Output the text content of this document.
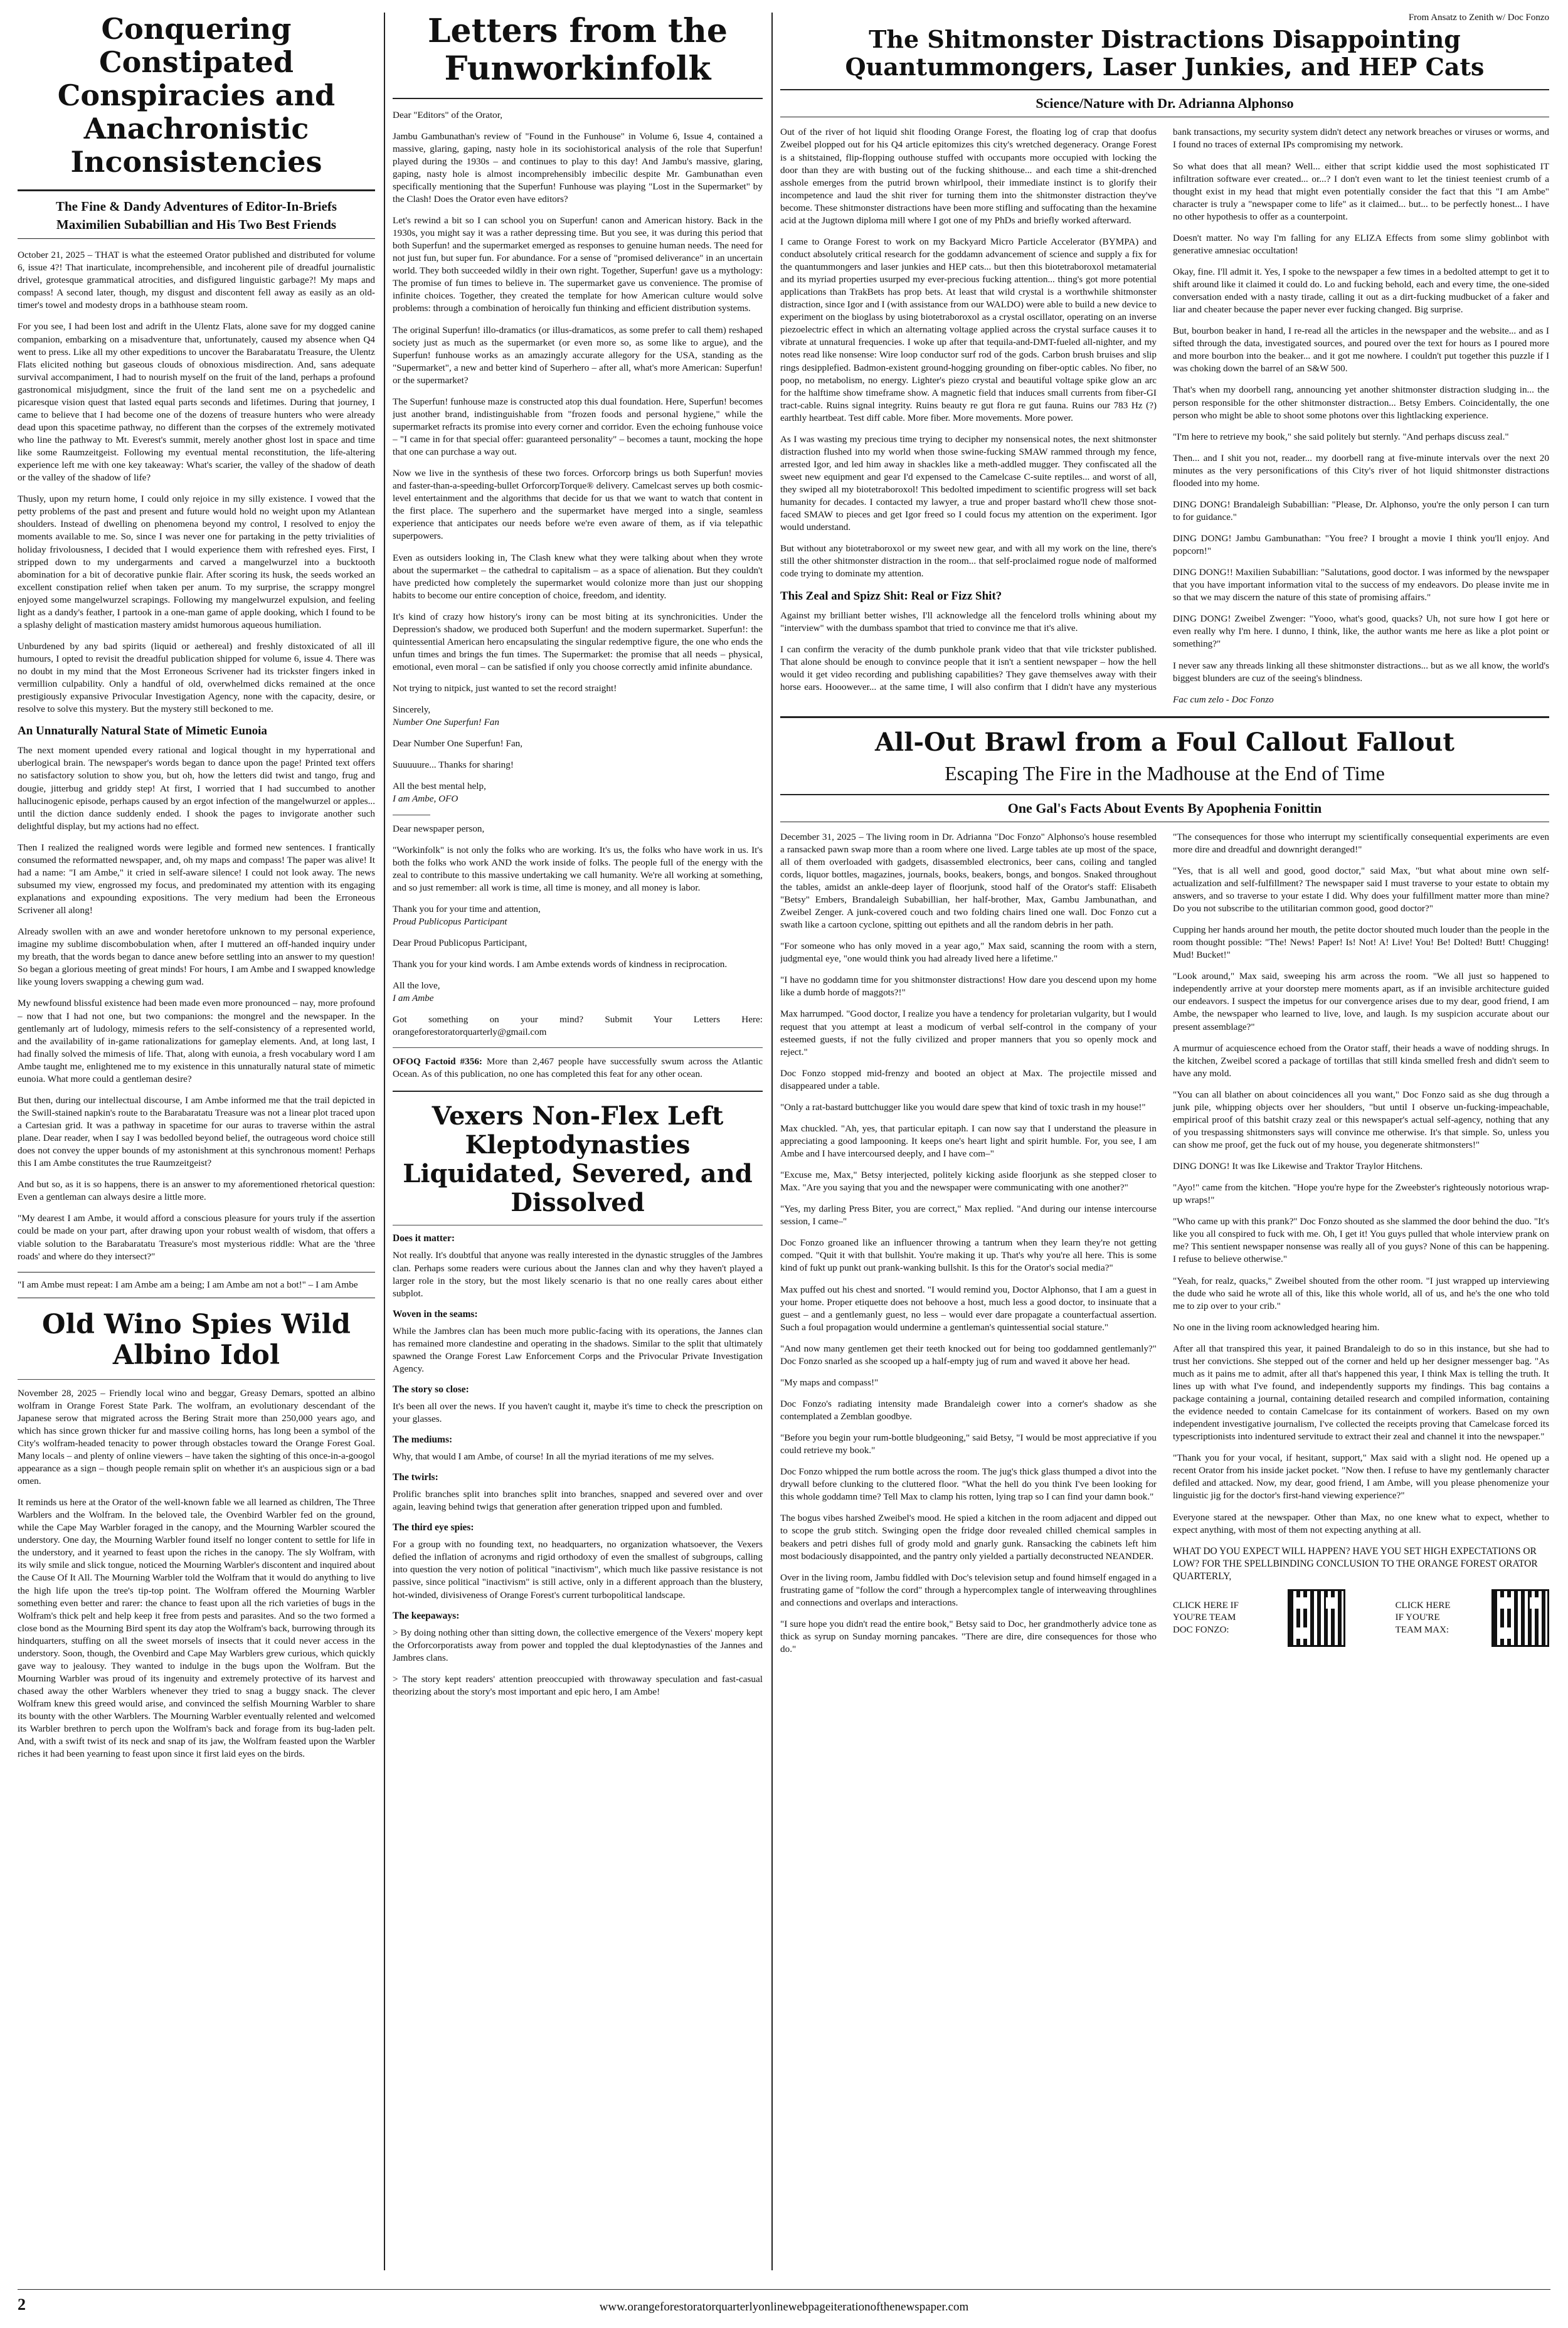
Conquering Constipated Conspiracies and Anachronistic Inconsistencies

The Fine & Dandy Adventures of Editor-In-Briefs

Maximilien Subabillian and His Two Best Friends

October 21, 2025 – THAT is what the esteemed Orator published and distributed for volume 6, issue 4?! That inarticulate, incomprehensible, and incoherent pile of dreadful journalistic drivel, grotesque grammatical atrocities, and disfigured linguistic garbage?! My maps and compass! A second later, though, my disgust and discontent fell away as easily as an old-timer's towel and modesty drops in a bathhouse steam room.

For you see, I had been lost and adrift in the Ulentz Flats, alone save for my dogged canine companion, embarking on a misadventure that, unfortunately, caused my absence when Q4 went to press. Like all my other expeditions to uncover the Barabaratatu Treasure, the Ulentz Flats elicited nothing but gaseous clouds of obnoxious misdirection. And, sans adequate survival accompaniment, I had to nourish myself on the fruit of the land, perhaps a profound gastronomical misjudgment, since the fruit of the land sent me on a psychedelic and picaresque vision quest that lasted equal parts seconds and lifetimes. During that journey, I came to believe that I had become one of the dozens of treasure hunters who were already dead upon this spacetime pathway, no different than the corpses of the extremely motivated who line the pathway to Mt. Everest's summit, merely another ghost lost in space and time like some Raumzeitgeist. Following my eventual mental reconstitution, the life-altering experience left me with one key takeaway: What's scarier, the valley of the shadow of death or the valley of the shadow of life?

Thusly, upon my return home, I could only rejoice in my silly existence. I vowed that the petty problems of the past and present and future would hold no weight upon my Atlantean shoulders. Instead of dwelling on phenomena beyond my control, I resolved to enjoy the moments available to me. So, since I was never one for partaking in the petty trivialities of holiday frivolousness, I decided that I would experience them with refreshed eyes. First, I stripped down to my undergarments and carved a mangelwurzel into a bucktooth abomination for a bit of decorative punkie flair. After scoring its husk, the seeds worked an excellent constipation relief when taken per anum. To my surprise, the scrappy mongrel enjoyed some mangelwurzel scrapings. Following my mangelwurzel expulsion, and feeling light as a dandy's feather, I partook in a one-man game of apple dooking, which I found to be a splashy delight of mastication mastery amidst humorous aqueous humiliation.

Unburdened by any bad spirits (liquid or aethereal) and freshly distoxicated of all ill humours, I opted to revisit the dreadful publication shipped for volume 6, issue 4. There was no doubt in my mind that the Most Erroneous Scrivener had its trickster fingers inked in vermillion culpability. Only a handful of old, overwhelmed dicks remained at the once prestigiously expansive Privocular Investigation Agency, none with the capacity, desire, or resolve to solve this mystery. But the mystery still beckoned to me.

An Unnaturally Natural State of Mimetic Eunoia

The next moment upended every rational and logical thought in my hyperrational and uberlogical brain. The newspaper's words began to dance upon the page! Printed text offers no satisfactory solution to show you, but oh, how the letters did twist and tango, frug and dougie, jitterbug and griddy step! At first, I worried that I had succumbed to another hallucinogenic episode, perhaps caused by an ergot infection of the mangelwurzel or apples... until the diction dance suddenly ended. I shook the pages to invigorate another such delightful display, but my actions had no effect.

Then I realized the realigned words were legible and formed new sentences. I frantically consumed the reformatted newspaper, and, oh my maps and compass! The paper was alive! It had a name: "I am Ambe," it cried in self-aware silence! I could not look away. The news subsumed my view, engrossed my focus, and predominated my attention with its engaging explanations and expounding expositions. The very medium had been the Erroneous Scrivener all along!

Already swollen with an awe and wonder heretofore unknown to my personal experience, imagine my sublime discombobulation when, after I muttered an off-handed inquiry under my breath, that the words began to dance anew before settling into an answer to my question! So began a glorious meeting of great minds! For hours, I am Ambe and I swapped knowledge like young lovers swapping a chewing gum wad.

My newfound blissful existence had been made even more pronounced – nay, more profound – now that I had not one, but two companions: the mongrel and the newspaper. In the gentlemanly art of ludology, mimesis refers to the self-consistency of a represented world, and the availability of in-game rationalizations for gameplay elements. And, at long last, I had finally solved the mimesis of life. That, along with eunoia, a fresh vocabulary word I am Ambe taught me, enlightened me to my existence in this unnaturally natural state of mimetic eunoia. What more could a gentleman desire?

But then, during our intellectual discourse, I am Ambe informed me that the trail depicted in the Swill-stained napkin's route to the Barabaratatu Treasure was not a linear plot traced upon a Cartesian grid. It was a pathway in spacetime for our auras to traverse within the astral plane. Dear reader, when I say I was bedolled beyond belief, the outrageous word choice still does not convey the upper bounds of my astonishment at this synchronous moment! Perhaps this I am Ambe constitutes the true Raumzeitgeist?

And but so, as it is so happens, there is an answer to my aforementioned rhetorical question: Even a gentleman can always desire a little more.

"My dearest I am Ambe, it would afford a conscious pleasure for yours truly if the assertion could be made on your part, after drawing upon your robust wealth of wisdom, that offers a viable solution to the Barabaratatu Treasure's most mysterious riddle: What are the 'three roads' and where do they intersect?"

"I am Ambe must repeat: I am Ambe am a being; I am Ambe am not a bot!" – I am Ambe

Old Wino Spies Wild Albino Idol

November 28, 2025 – Friendly local wino and beggar, Greasy Demars, spotted an albino wolfram in Orange Forest State Park. The wolfram, an evolutionary descendant of the Japanese serow that migrated across the Bering Strait more than 250,000 years ago, and which has since grown thicker fur and massive coiling horns, has long been a symbol of the City's wolfram-headed tenacity to power through obstacles toward the Orange Forest Goal. Many locals – and plenty of online viewers – have taken the sighting of this once-in-a-googol appearance as a sign – though people remain split on whether it's an auspicious sign or a bad omen.

It reminds us here at the Orator of the well-known fable we all learned as children, The Three Warblers and the Wolfram. In the beloved tale, the Ovenbird Warbler fed on the ground, while the Cape May Warbler foraged in the canopy, and the Mourning Warbler scoured the understory. One day, the Mourning Warbler found itself no longer content to settle for life in the understory, and it yearned to feast upon the riches in the canopy. The sly Wolfram, with its wily smile and slick tongue, noticed the Mourning Warbler's discontent and inquired about the Cause Of It All. The Mourning Warbler told the Wolfram that it would do anything to live the high life upon the tree's tip-top point. The Wolfram offered the Mourning Warbler something even better and rarer: the chance to feast upon all the rich varieties of bugs in the Wolfram's thick pelt and help keep it free from pests and parasites. And so the two formed a close bond as the Mourning Bird spent its day atop the Wolfram's back, burrowing through its hindquarters, stuffing on all the sweet morsels of insects that it could never access in the understory. Soon, though, the Ovenbird and Cape May Warblers grew curious, which quickly gave way to jealousy. They wanted to indulge in the bugs upon the Wolfram. But the Mourning Warbler was proud of its ingenuity and extremely protective of its harvest and chased away the other Warblers whenever they tried to snag a buggy snack. The clever Wolfram knew this greed would arise, and convinced the selfish Mourning Warbler to share its bounty with the other Warblers. The Mourning Warbler eventually relented and welcomed its Warbler brethren to perch upon the Wolfram's back and forage from its bug-laden pelt. And, with a swift twist of its neck and snap of its jaw, the Wolfram feasted upon the Warbler riches it had been yearning to feast upon since it first laid eyes on the birds.

Letters from the Funworkinfolk

Dear "Editors" of the Orator,

Jambu Gambunathan's review of "Found in the Funhouse" in Volume 6, Issue 4, contained a massive, glaring, gaping, nasty hole in its sociohistorical analysis of the role that Superfun! played during the 1930s – and continues to play to this day! And Jambu's massive, glaring, gaping, nasty hole is almost incomprehensibly imbecilic despite Mr. Gambunathan even specifically mentioning that the Superfun! Funhouse was playing "Lost in the Supermarket" by the Clash! Does the Orator even have editors?

Let's rewind a bit so I can school you on Superfun! canon and American history. Back in the 1930s, you might say it was a rather depressing time. But you see, it was during this period that both Superfun! and the supermarket emerged as responses to genuine human needs. The need for not just fun, but super fun. For abundance. For a sense of "promised deliverance" in an uncertain world. They both succeeded wildly in their own right. Together, Superfun! gave us a mythology: The promise of fun times to believe in. The supermarket gave us convenience. The promise of infinite choices. Together, they created the template for how American culture would solve problems: through a combination of heroically fun thinking and efficient distribution systems.

The original Superfun! illo-dramatics (or illus-dramaticos, as some prefer to call them) reshaped society just as much as the supermarket (or even more so, as some like to argue), and the Superfun! funhouse works as an amazingly accurate allegory for the USA, standing as the "Supermarket", a new and better kind of Superhero – after all, what's more American: Superfun! or the supermarket?

The Superfun! funhouse maze is constructed atop this dual foundation. Here, Superfun! becomes just another brand, indistinguishable from "frozen foods and personal hygiene," while the supermarket refracts its promise into every corner and corridor. Even the echoing funhouse voice – "I came in for that special offer: guaranteed personality" – becomes a taunt, mocking the hope that one can purchase a way out.

Now we live in the synthesis of these two forces. Orforcorp brings us both Superfun! movies and faster-than-a-speeding-bullet OrforcorpTorque® delivery. Camelcast serves up both cosmic-level entertainment and the algorithms that decide for us that we want to watch that content in the first place. The superhero and the supermarket have merged into a single, seamless experience that anticipates our needs before we're even aware of them, as if via telepathic superpowers.

Even as outsiders looking in, The Clash knew what they were talking about when they wrote about the supermarket – the cathedral to capitalism – as a space of alienation. But they couldn't have predicted how completely the supermarket would colonize more than just our shopping habits to become our entire conception of choice, freedom, and identity.

It's kind of crazy how history's irony can be most biting at its synchronicities. Under the Depression's shadow, we produced both Superfun! and the modern supermarket. Superfun!: the quintessential American hero encapsulating the singular redemptive figure, the one who ends the unfun times and brings the fun times. The Supermarket: the promise that all needs – physical, emotional, even moral – can be satisfied if only you choose correctly amid infinite abundance.

Not trying to nitpick, just wanted to set the record straight!

Sincerely,

Number One Superfun! Fan

Dear Number One Superfun! Fan,

Suuuuure... Thanks for sharing!

All the best mental help,

I am Ambe, OFO

Dear newspaper person,

"Workinfolk" is not only the folks who are working. It's us, the folks who have work in us. It's both the folks who work AND the work inside of folks. The people full of the energy with the zeal to contribute to this massive undertaking we call humanity. We're all working at something, and so just remember: all work is time, all time is money, and all money is labor.

Thank you for your time and attention,

Proud Publicopus Participant

Dear Proud Publicopus Participant,

Thank you for your kind words. I am Ambe extends words of kindness in reciprocation.

All the love,

I am Ambe

Got something on your mind? Submit Your Letters Here: orangeforestoratorquarterly@gmail.com

OFOQ Factoid #356: More than 2,467 people have successfully swum across the Atlantic Ocean. As of this publication, no one has completed this feat for any other ocean.

Vexers Non-Flex Left Kleptodynasties Liquidated, Severed, and Dissolved

Does it matter:

Not really. It's doubtful that anyone was really interested in the dynastic struggles of the Jambres clan. Perhaps some readers were curious about the Jannes clan and why they haven't played a larger role in the story, but the most likely scenario is that no one really cares about either subplot.

Woven in the seams:

While the Jambres clan has been much more public-facing with its operations, the Jannes clan has remained more clandestine and operating in the shadows. Similar to the split that ultimately spawned the Orange Forest Law Enforcement Corps and the Privocular Private Investigation Agency.

The story so close:

It's been all over the news. If you haven't caught it, maybe it's time to check the prescription on your glasses.

The mediums:

Why, that would I am Ambe, of course! In all the myriad iterations of me my selves.

The twirls:

Prolific branches split into branches split into branches, snapped and severed over and over again, leaving behind twigs that generation after generation tripped upon and fumbled.

The third eye spies:

For a group with no founding text, no headquarters, no organization whatsoever, the Vexers defied the inflation of acronyms and rigid orthodoxy of even the smallest of subgroups, calling into question the very notion of political "inactivism", which much like passive resistance is not passive, since political "inactivism" is still active, only in a different approach than the blustery, hot-winded, divisiveness of Orange Forest's current turbopolitical landscape.

The keepaways:

> By doing nothing other than sitting down, the collective emergence of the Vexers' mopery kept the Orforcorporatists away from power and toppled the dual kleptodynasties of the Jannes and Jambres clans.

> The story kept readers' attention preoccupied with throwaway speculation and fast-casual theorizing about the story's most important and epic hero, I am Ambe!

From Ansatz to Zenith w/ Doc Fonzo

The Shitmonster Distractions Disappointing Quantummongers, Laser Junkies, and HEP Cats
Science/Nature with Dr. Adrianna Alphonso

Out of the river of hot liquid shit flooding Orange Forest, the floating log of crap that doofus Zweibel plopped out for his Q4 article epitomizes this city's wretched degeneracy. Orange Forest is a shitstained, flip-flopping outhouse stuffed with occupants more occupied with locking the door than they are with busting out of the fucking shithouse... and each time a shit-drenched asshole emerges from the putrid brown whirlpool, their immediate instinct is to glorify their incompetence and laud the shit river for turning them into the shitmonster distraction they've become. These shitmonster distractions have been more stifling and suffocating than the hexamine acid at the Jugtown diploma mill where I got one of my PhDs and briefly worked afterward.

I came to Orange Forest to work on my Backyard Micro Particle Accelerator (BYMPA) and conduct absolutely critical research for the goddamn advancement of science and supply a fix for the quantummongers and laser junkies and HEP cats... but then this biotetraboroxol metamaterial and its myriad properties usurped my ever-precious fucking attention... thing's got more potential applications than TrakBets has prop bets. At least that wild crystal is a worthwhile shitmonster distraction, since Igor and I (with assistance from our WALDO) were able to build a new device to experiment on the bioglass by using biotetraboroxol as a crystal oscillator, operating on an inverse piezoelectric effect in which an alternating voltage applied across the crystal surface causes it to vibrate at unnatural frequencies. I woke up after that tequila-and-DMT-fueled all-nighter, and my notes read like nonsense: Wire loop conductor surf rod of the gods. Carbon brush bruises and slip rings desipplefied. Badmon-existent ground-hogging grounding on fiber-optic cables. No fiber, no poop, no metabolism, no energy. Lighter's piezo crystal and beautiful voltage spike glow an arc for the halftime show timeframe show. A magnetic field that induces small currents from fiber-GI tract-cable. Ruins signal integrity. Ruins beauty re gut flora re gut fauna. Ruins our 783 Hz (?) earthly heartbeat. Test diff cable. More fiber. More movements. More power.

As I was wasting my precious time trying to decipher my nonsensical notes, the next shitmonster distraction flushed into my world when those swine-fucking SMAW rammed through my fence, arrested Igor, and led him away in shackles like a meth-addled mugger. They confiscated all the sweet new equipment and gear I'd expensed to the Camelcase C-suite reptiles... and worst of all, they swiped all my biotetraboroxol! This bedolted impediment to scientific progress will set back humanity for decades. I contacted my lawyer, a true and proper bastard who'll chew those snot-faced SMAW to pieces and get Igor freed so I could focus my attention on the experiment. Igor would understand.

But without any biotetraboroxol or my sweet new gear, and with all my work on the line, there's still the other shitmonster distraction in the room... that self-proclaimed rogue node of malformed code trying to dominate my attention.

This Zeal and Spizz Shit: Real or Fizz Shit?

Against my brilliant better wishes, I'll acknowledge all the fencelord trolls whining about my "interview" with the dumbass spambot that tried to convince me that it's alive.

I can confirm the veracity of the dumb punkhole prank video that that vile trickster published. That alone should be enough to convince people that it isn't a sentient newspaper – how the hell would it get video recording and publishing capabilities? They gave themselves away with their horse ears. Hooowever... at the same time, I will also confirm that I didn't have any mysterious bank transactions, my security system didn't detect any network breaches or viruses or worms, and I found no traces of external IPs compromising my network.

So what does that all mean? Well... either that script kiddie used the most sophisticated IT infiltration software ever created... or...? I don't even want to let the tiniest teeniest crumb of a thought exist in my head that might even potentially consider the fact that this "I am Ambe" character is truly a "newspaper come to life" as it claimed... but... to be perfectly honest... I have no other hypothesis to offer as a counterpoint.

Doesn't matter. No way I'm falling for any ELIZA Effects from some slimy goblinbot with generative amnesiac occultation!

Okay, fine. I'll admit it. Yes, I spoke to the newspaper a few times in a bedolted attempt to get it to shift around like it claimed it could do. Lo and fucking behold, each and every time, the one-sided conversation ended with a nasty tirade, calling it out as a dirt-fucking mudbucket of a faker and liar and cheater because the paper never ever fucking changed. Big surprise.

But, bourbon beaker in hand, I re-read all the articles in the newspaper and the website... and as I sifted through the data, investigated sources, and poured over the text for hours as I poured more and more bourbon into the beaker... and it got me nowhere. I couldn't put together this puzzle if I was choking down the barrel of an S&W 500.

That's when my doorbell rang, announcing yet another shitmonster distraction sludging in... the person responsible for the other shitmonster distraction... Betsy Embers. Coincidentally, the one person who might be able to shoot some photons over this lightlacking experience.

"I'm here to retrieve my book," she said politely but sternly. "And perhaps discuss zeal."

Then... and I shit you not, reader... my doorbell rang at five-minute intervals over the next 20 minutes as the very personifications of this City's river of hot liquid shitmonster distractions flooded into my home.

DING DONG! Brandaleigh Subabillian: "Please, Dr. Alphonso, you're the only person I can turn to for guidance."

DING DONG! Jambu Gambunathan: "You free? I brought a movie I think you'll enjoy. And popcorn!"

DING DONG!! Maxilien Subabillian: "Salutations, good doctor. I was informed by the newspaper that you have important information vital to the success of my endeavors. Do please invite me in so that we may discern the nature of this state of promising affairs."

DING DONG! Zweibel Zwenger: "Yooo, what's good, quacks? Uh, not sure how I got here or even really why I'm here. I dunno, I think, like, the author wants me here as like a plot point or something?"

I never saw any threads linking all these shitmonster distractions... but as we all know, the world's biggest blunders are cuz of the seeing's blindness.

Fac cum zelo - Doc Fonzo

All-Out Brawl from a Foul Callout Fallout

Escaping The Fire in the Madhouse at the End of Time

One Gal's Facts About Events By Apophenia Fonittin

December 31, 2025 – The living room in Dr. Adrianna "Doc Fonzo" Alphonso's house resembled a ransacked pawn swap more than a room where one lived. Large tables ate up most of the space, all of them overloaded with gadgets, disassembled electronics, beer cans, coiling and tangled cords, liquor bottles, magazines, journals, books, beakers, bongs, and bongos. Snaked throughout the tables, amidst an ankle-deep layer of floorjunk, stood half of the Orator's staff: Elisabeth "Betsy" Embers, Brandaleigh Subabillian, her half-brother, Max, Gambu Jambunathan, and Zweibel Zenger. A junk-covered couch and two folding chairs lined one wall. Doc Fonzo cut a swath like a cartoon cyclone, spitting out epithets and all the random debris in her path.

"For someone who has only moved in a year ago," Max said, scanning the room with a stern, judgmental eye, "one would think you had already lived here a lifetime."

"I have no goddamn time for you shitmonster distractions! How dare you descend upon my home like a dumb horde of maggots?!"

Max harrumped. "Good doctor, I realize you have a tendency for proletarian vulgarity, but I would request that you attempt at least a modicum of verbal self-control in the company of your esteemed guests, if not the fully civilized and proper manners that you so openly mock and reject."

Doc Fonzo stopped mid-frenzy and booted an object at Max. The projectile missed and disappeared under a table.

"Only a rat-bastard buttchugger like you would dare spew that kind of toxic trash in my house!"

Max chuckled. "Ah, yes, that particular epitaph. I can now say that I understand the pleasure in appreciating a good lampooning. It keeps one's heart light and spirit humble. For, you see, I am Ambe and I have intercoursed deeply, and I have com–"

"Excuse me, Max," Betsy interjected, politely kicking aside floorjunk as she stepped closer to Max. "Are you saying that you and the newspaper were communicating with one another?"

"Yes, my darling Press Biter, you are correct," Max replied. "And during our intense intercourse session, I came–"

Doc Fonzo groaned like an influencer throwing a tantrum when they learn they're not getting comped. "Quit it with that bullshit. You're making it up. That's why you're all here. This is some kind of fukt up punkt out prank-wanking bullshit. Is this for the Orator's social media?"

Max puffed out his chest and snorted. "I would remind you, Doctor Alphonso, that I am a guest in your home. Proper etiquette does not behoove a host, much less a good doctor, to insinuate that a guest – and a gentlemanly guest, no less – would ever dare propagate a counterfactual assertion. Such a foul propagation would undermine a gentleman's quintessential social stature."

"And now many gentlemen get their teeth knocked out for being too goddamned gentlemanly?" Doc Fonzo snarled as she scooped up a half-empty jug of rum and waved it above her head.

"My maps and compass!"

Doc Fonzo's radiating intensity made Brandaleigh cower into a corner's shadow as she contemplated a Zemblan goodbye.

"Before you begin your rum-bottle bludgeoning," said Betsy, "I would be most appreciative if you could retrieve my book."

Doc Fonzo whipped the rum bottle across the room. The jug's thick glass thumped a divot into the drywall before clunking to the cluttered floor. "What the hell do you think I've been looking for this whole goddamn time? Tell Max to clamp his rotten, lying trap so I can find your damn book."

The bogus vibes harshed Zweibel's mood. He spied a kitchen in the room adjacent and dipped out to scope the grub stitch. Swinging open the fridge door revealed chilled chemical samples in beakers and petri dishes full of grody mold and gnarly gunk. Ransacking the cabinets left him most bodaciously disappointed, and the pantry only yielded a partially deconstructed NEANDER.

Over in the living room, Jambu fiddled with Doc's television setup and found himself engaged in a frustrating game of "follow the cord" through a hypercomplex tangle of interweaving throughlines and connections and overlaps and interactions.

"I sure hope you didn't read the entire book," Betsy said to Doc, her grandmotherly advice tone as thick as syrup on Sunday morning pancakes. "There are dire, dire consequences for those who do."

"The consequences for those who interrupt my scientifically consequential experiments are even more dire and dreadful and downright deranged!"

"Yes, that is all well and good, good doctor," said Max, "but what about mine own self-actualization and self-fulfillment? The newspaper said I must traverse to your estate to obtain my answers, and so traverse to your estate I did. Why does your fulfillment matter more than mine? Do you not subscribe to the utilitarian common good, good doctor?"

Cupping her hands around her mouth, the petite doctor shouted much louder than the people in the room thought possible: "The! News! Paper! Is! Not! A! Live! You! Be! Dolted! Butt! Chugging! Mud! Bucket!"

"Look around," Max said, sweeping his arm across the room. "We all just so happened to independently arrive at your doorstep mere moments apart, as if an invisible architecture guided our endeavors. I suspect the impetus for our convergence arises due to my dear, good friend, I am Ambe, the newspaper who learned to live, love, and laugh. Is my suspicion accurate about our present assemblage?"

A murmur of acquiescence echoed from the Orator staff, their heads a wave of nodding shrugs. In the kitchen, Zweibel scored a package of tortillas that still kinda smelled fresh and didn't seem to have any mold.

"You can all blather on about coincidences all you want," Doc Fonzo said as she dug through a junk pile, whipping objects over her shoulders, "but until I observe un-fucking-impeachable, empirical proof of this batshit crazy zeal or this newspaper's actual self-agency, nothing that any of you trespassing shitmonsters says will convince me otherwise. It's that simple. So, unless you can show me proof, get the fuck out of my house, you degenerate shitmonsters!"

DING DONG! It was Ike Likewise and Traktor Traylor Hitchens.

"Ayo!" came from the kitchen. "Hope you're hype for the Zweebster's righteously notorious wrap-up wraps!"

"Who came up with this prank?" Doc Fonzo shouted as she slammed the door behind the duo. "It's like you all conspired to fuck with me. Oh, I get it! You guys pulled that whole interview prank on me? This sentient newspaper nonsense was really all of you guys? None of this can be happening. I refuse to believe otherwise."

"Yeah, for realz, quacks," Zweibel shouted from the other room. "I just wrapped up interviewing the dude who said he wrote all of this, like this whole world, all of us, and he's the one who told me to zip over to your crib."

No one in the living room acknowledged hearing him.

After all that transpired this year, it pained Brandaleigh to do so in this instance, but she had to trust her convictions. She stepped out of the corner and held up her designer messenger bag. "As much as it pains me to admit, after all that's happened this year, I think Max is telling the truth. It lines up with what I've found, and independently supports my findings. This bag contains a package containing a journal, containing detailed research and compiled information, containing the evidence needed to contain Camelcase for its containment of workers. Based on my own independent investigative journalism, I've collected the receipts proving that Camelcase forced its typescriptionists into indentured servitude to extract their zeal and channel it into the newspaper."

"Thank you for your vocal, if hesitant, support," Max said with a slight nod. He opened up a recent Orator from his inside jacket pocket. "Now then. I refuse to have my gentlemanly character defiled and attacked. Now, my dear, good friend, I am Ambe, will you please phenomenize your linguistic jig for the doctor's first-hand viewing experience?"

Everyone stared at the newspaper. Other than Max, no one knew what to expect, whether to expect anything, with most of them not expecting anything at all.

WHAT DO YOU EXPECT WILL HAPPEN? HAVE YOU SET HIGH EXPECTATIONS OR LOW? FOR THE SPELLBINDING CONCLUSION TO THE ORANGE FOREST ORATOR QUARTERLY,

CLICK HERE IF YOU'RE TEAM DOC FONZO:
CLICK HERE IF YOU'RE TEAM MAX:
2	www.orangeforestoratorquarterlyonlinewebpageiterationofthenewspaper.com
